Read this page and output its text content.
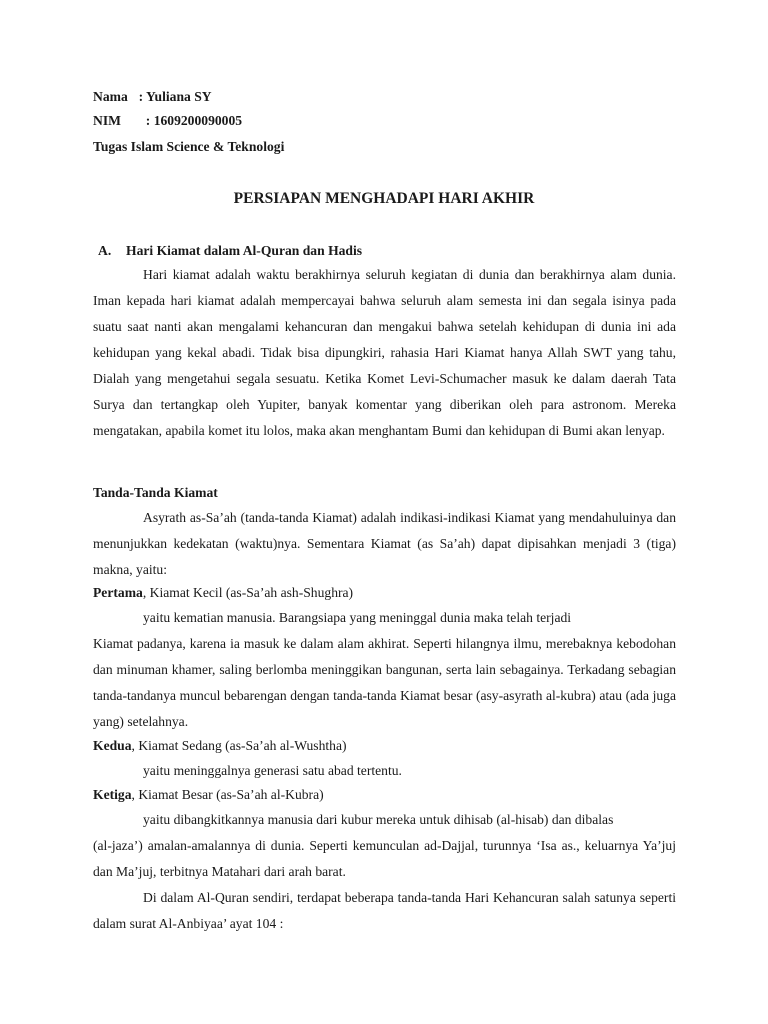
Nama : Yuliana SY
NIM : 1609200090005
Tugas Islam Science & Teknologi
PERSIAPAN MENGHADAPI HARI AKHIR
A. Hari Kiamat dalam Al-Quran dan Hadis
Hari kiamat adalah waktu berakhirnya seluruh kegiatan di dunia dan berakhirnya alam dunia. Iman kepada hari kiamat adalah mempercayai bahwa seluruh alam semesta ini dan segala isinya pada suatu saat nanti akan mengalami kehancuran dan mengakui bahwa setelah kehidupan di dunia ini ada kehidupan yang kekal abadi. Tidak bisa dipungkiri, rahasia Hari Kiamat hanya Allah SWT yang tahu, Dialah yang mengetahui segala sesuatu. Ketika Komet Levi-Schumacher masuk ke dalam daerah Tata Surya dan tertangkap oleh Yupiter, banyak komentar yang diberikan oleh para astronom. Mereka mengatakan, apabila komet itu lolos, maka akan menghantam Bumi dan kehidupan di Bumi akan lenyap.
Tanda-Tanda Kiamat
Asyrath as-Sa’ah (tanda-tanda Kiamat) adalah indikasi-indikasi Kiamat yang mendahuluinya dan menunjukkan kedekatan (waktu)nya. Sementara Kiamat (as Sa’ah) dapat dipisahkan menjadi 3 (tiga) makna, yaitu:
Pertama, Kiamat Kecil (as-Sa’ah ash-Shughra)
yaitu kematian manusia. Barangsiapa yang meninggal dunia maka telah terjadi
Kiamat padanya, karena ia masuk ke dalam alam akhirat. Seperti hilangnya ilmu, merebaknya kebodohan dan minuman khamer, saling berlomba meninggikan bangunan, serta lain sebagainya. Terkadang sebagian tanda-tandanya muncul bebarengan dengan tanda-tanda Kiamat besar (asy-asyrath al-kubra) atau (ada juga yang) setelahnya.
Kedua, Kiamat Sedang (as-Sa’ah al-Wushtha)
yaitu meninggalnya generasi satu abad tertentu.
Ketiga, Kiamat Besar (as-Sa’ah al-Kubra)
yaitu dibangkitkannya manusia dari kubur mereka untuk dihisab (al-hisab) dan dibalas
(al-jaza’) amalan-amalannya di dunia. Seperti kemunculan ad-Dajjal, turunnya ‘Isa as., keluarnya Ya’juj dan Ma’juj, terbitnya Matahari dari arah barat.
Di dalam Al-Quran sendiri, terdapat beberapa tanda-tanda Hari Kehancuran salah satunya seperti dalam surat Al-Anbiyaa’ ayat 104 :
